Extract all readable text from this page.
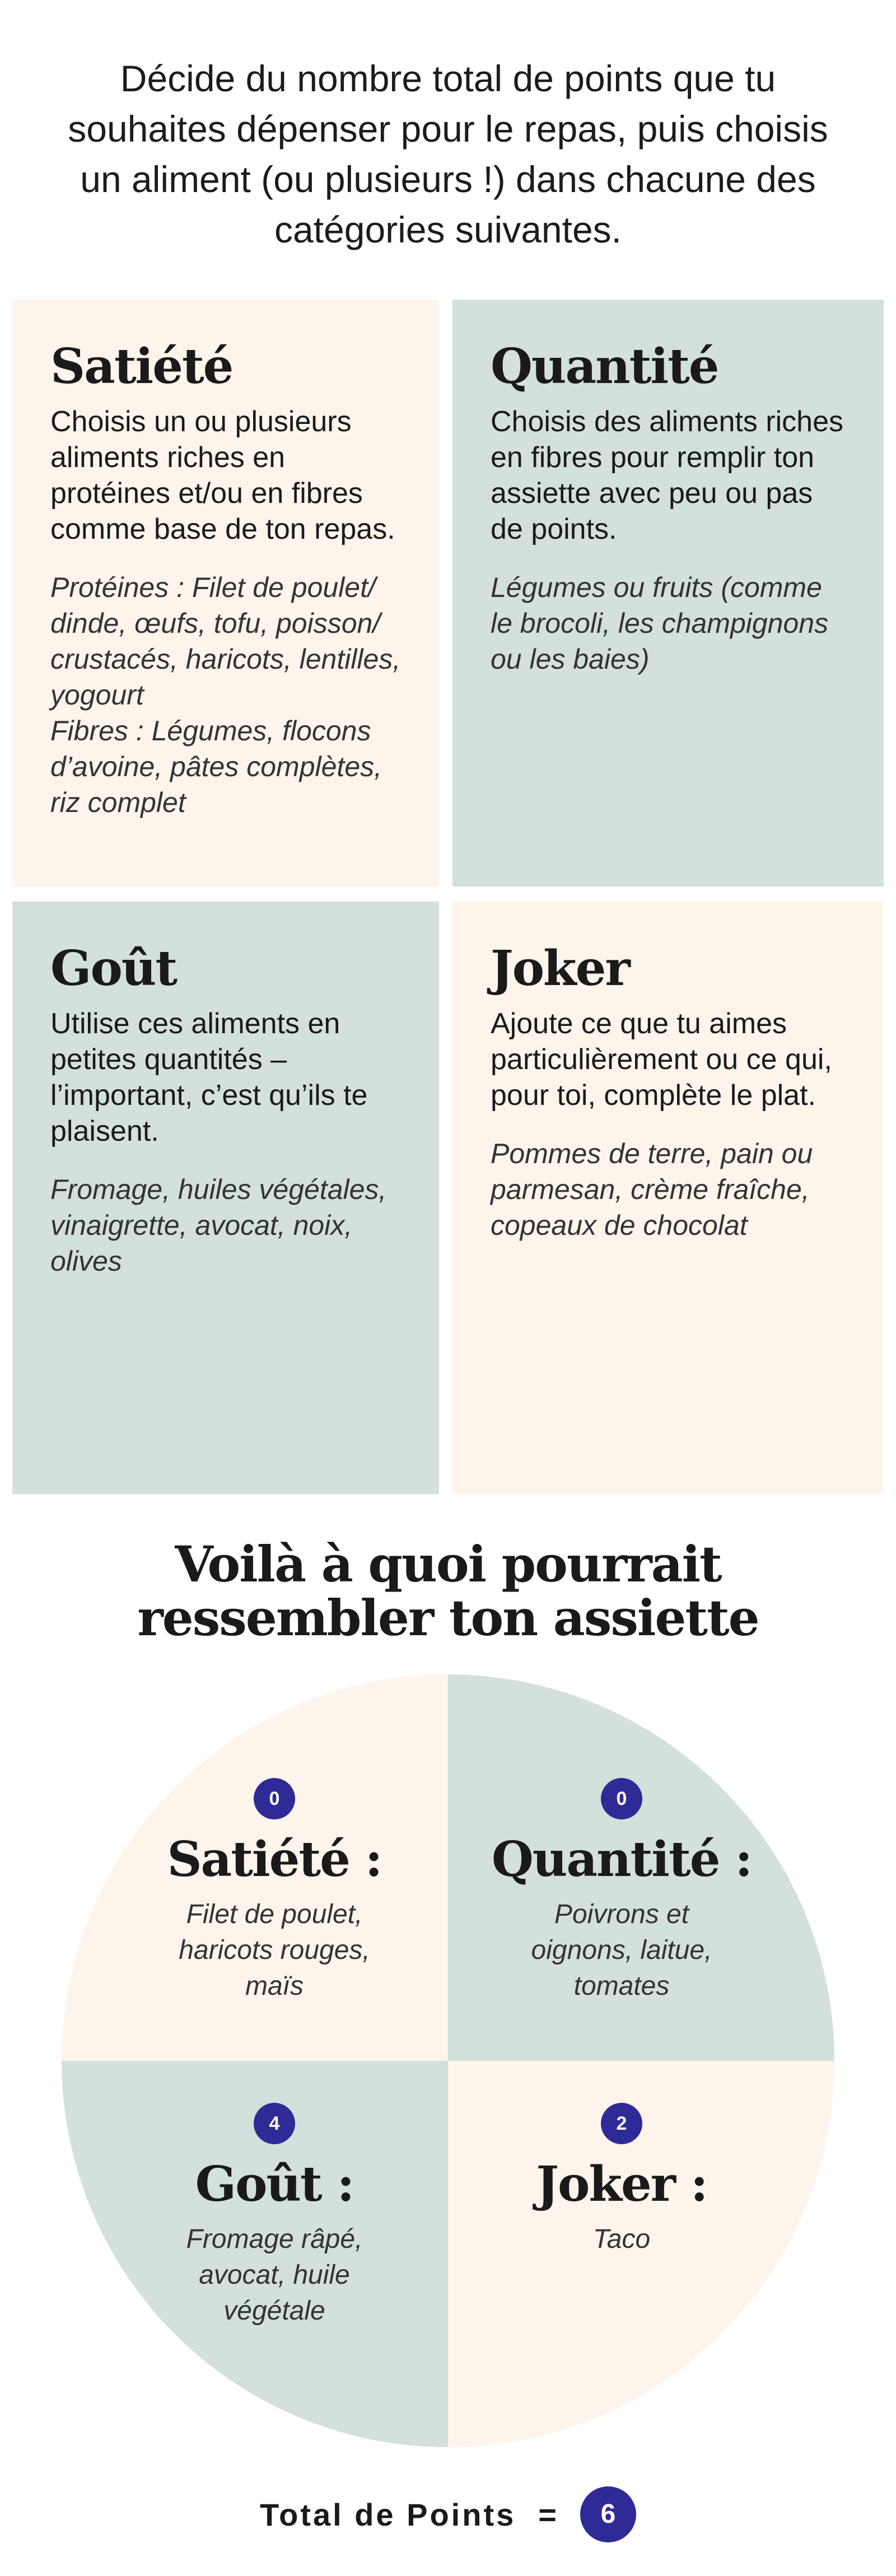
Décide du nombre total de points que tu souhaites dépenser pour le repas, puis choisis un aliment (ou plusieurs !) dans chacune des catégories suivantes.

Satiété

Choisis un ou plusieurs aliments riches en protéines et/ou en fibres comme base de ton repas.

Protéines : Filet de poulet/ dinde, œufs, tofu, poisson/ crustacés, haricots, lentilles, yogourt
Fibres : Légumes, flocons d’avoine, pâtes complètes, riz complet

Quantité

Choisis des aliments riches en fibres pour remplir ton assiette avec peu ou pas de points.

Légumes ou fruits (comme le brocoli, les champignons ou les baies)

Goût

Utilise ces aliments en petites quantités – l’important, c’est qu’ils te plaisent.

Fromage, huiles végétales, vinaigrette, avocat, noix, olives

Joker

Ajoute ce que tu aimes particulièrement ou ce qui, pour toi, complète le plat.

Pommes de terre, pain ou parmesan, crème fraîche, copeaux de chocolat

Voilà à quoi pourrait ressembler ton assiette
0
Satiété :
Filet de poulet, haricots rouges, maïs
0
Quantité :
Poivrons et oignons, laitue, tomates
4
Goût :
Fromage râpé, avocat, huile végétale
2
Joker :
Taco
Total de Points =	6
